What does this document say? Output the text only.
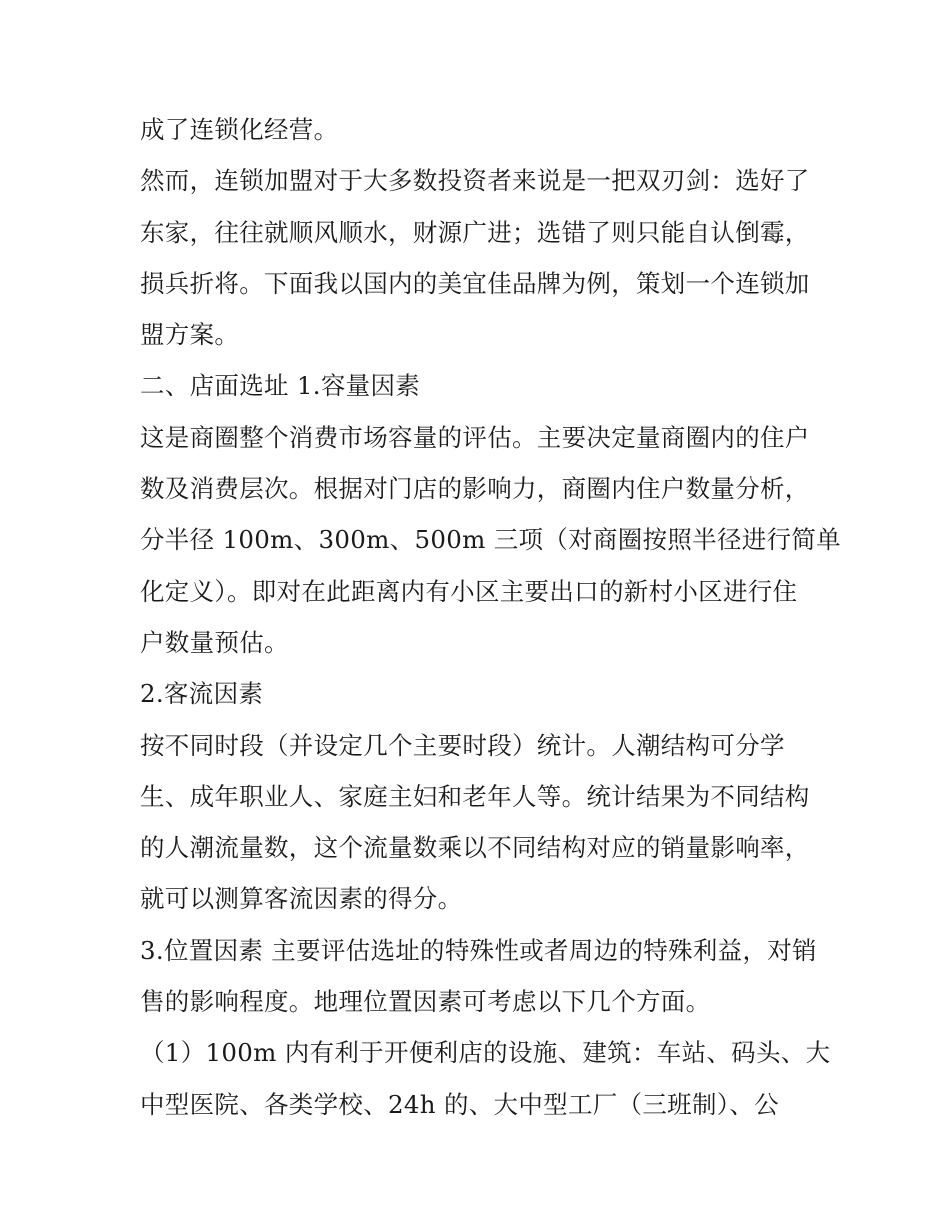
成了连锁化经营。
然而，连锁加盟对于大多数投资者来说是一把双刃剑：选好了
东家，往往就顺风顺水，财源广进；选错了则只能自认倒霉，
损兵折将。下面我以国内的美宜佳品牌为例，策划一个连锁加
盟方案。
二、店面选址 1.容量因素
这是商圈整个消费市场容量的评估。主要决定量商圈内的住户
数及消费层次。根据对门店的影响力，商圈内住户数量分析，
分半径 100m、300m、500m 三项（对商圈按照半径进行简单
化定义）。即对在此距离内有小区主要出口的新村小区进行住
户数量预估。
2.客流因素
按不同时段（并设定几个主要时段）统计。人潮结构可分学
生、成年职业人、家庭主妇和老年人等。统计结果为不同结构
的人潮流量数，这个流量数乘以不同结构对应的销量影响率，
就可以测算客流因素的得分。
3.位置因素 主要评估选址的特殊性或者周边的特殊利益，对销
售的影响程度。地理位置因素可考虑以下几个方面。
（1）100m 内有利于开便利店的设施、建筑：车站、码头、大
中型医院、各类学校、24h 的、大中型工厂（三班制）、公
